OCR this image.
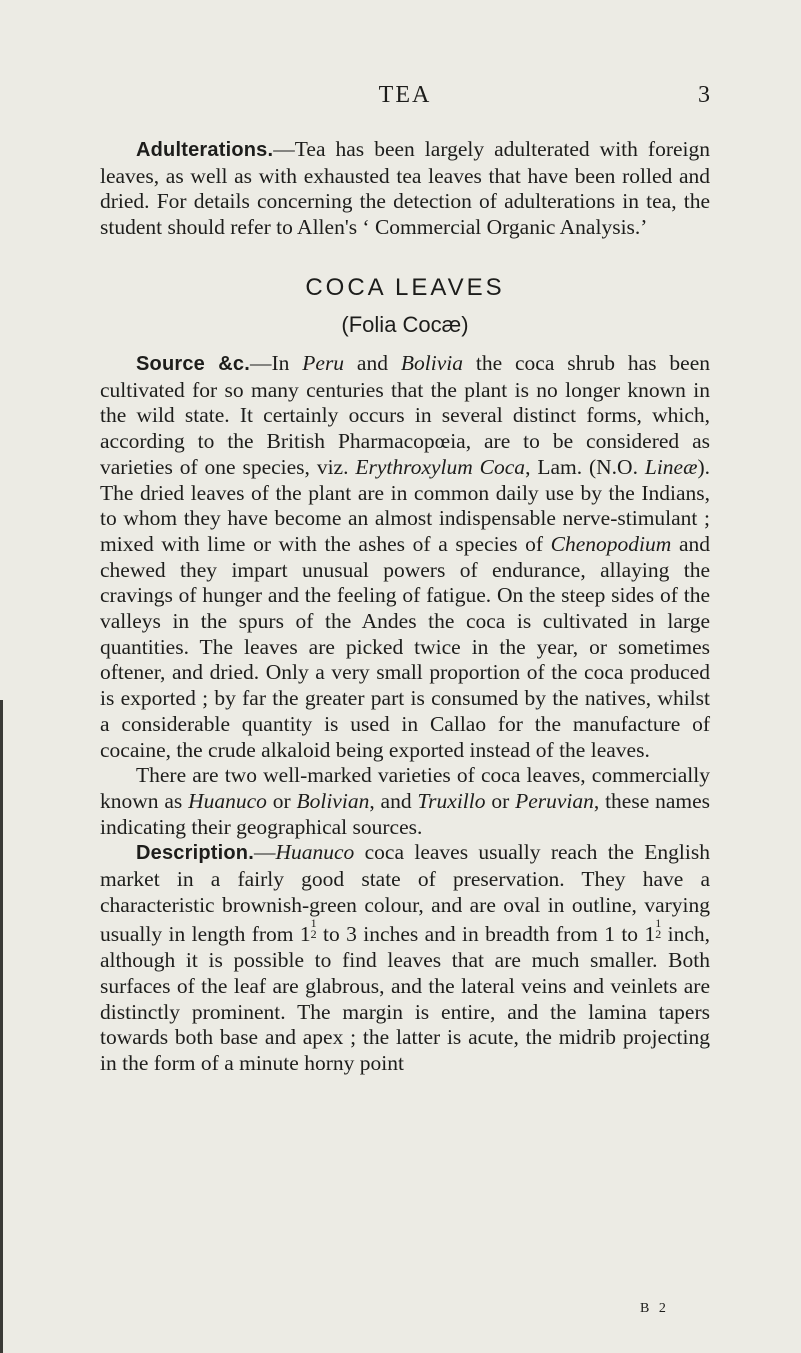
TEA	3

Adulterations.—Tea has been largely adulterated with foreign leaves, as well as with exhausted tea leaves that have been rolled and dried. For details concerning the detection of adulterations in tea, the student should refer to Allen's ‘ Commercial Organic Analysis.’

COCA LEAVES
(Folia Cocæ)

Source &c.—In Peru and Bolivia the coca shrub has been cultivated for so many centuries that the plant is no longer known in the wild state. It certainly occurs in several distinct forms, which, according to the British Pharmacopœia, are to be considered as varieties of one species, viz. Erythroxylum Coca, Lam. (N.O. Lineæ). The dried leaves of the plant are in common daily use by the Indians, to whom they have become an almost indispensable nerve-stimulant ; mixed with lime or with the ashes of a species of Chenopodium and chewed they impart unusual powers of endurance, allaying the cravings of hunger and the feeling of fatigue. On the steep sides of the valleys in the spurs of the Andes the coca is cultivated in large quantities. The leaves are picked twice in the year, or sometimes oftener, and dried. Only a very small proportion of the coca produced is exported ; by far the greater part is consumed by the natives, whilst a considerable quantity is used in Callao for the manufacture of cocaine, the crude alkaloid being exported instead of the leaves.

There are two well-marked varieties of coca leaves, commercially known as Huanuco or Bolivian, and Truxillo or Peruvian, these names indicating their geographical sources.

Description.—Huanuco coca leaves usually reach the English market in a fairly good state of preservation. They have a characteristic brownish-green colour, and are oval in outline, varying usually in length from 1 1
2 to 3 inches and in breadth from 1 to 1 1
2 inch, although it is possible to find leaves that are much smaller. Both surfaces of the leaf are glabrous, and the lateral veins and veinlets are distinctly prominent. The margin is entire, and the lamina tapers towards both base and apex ; the latter is acute, the midrib projecting in the form of a minute horny point

B 2
